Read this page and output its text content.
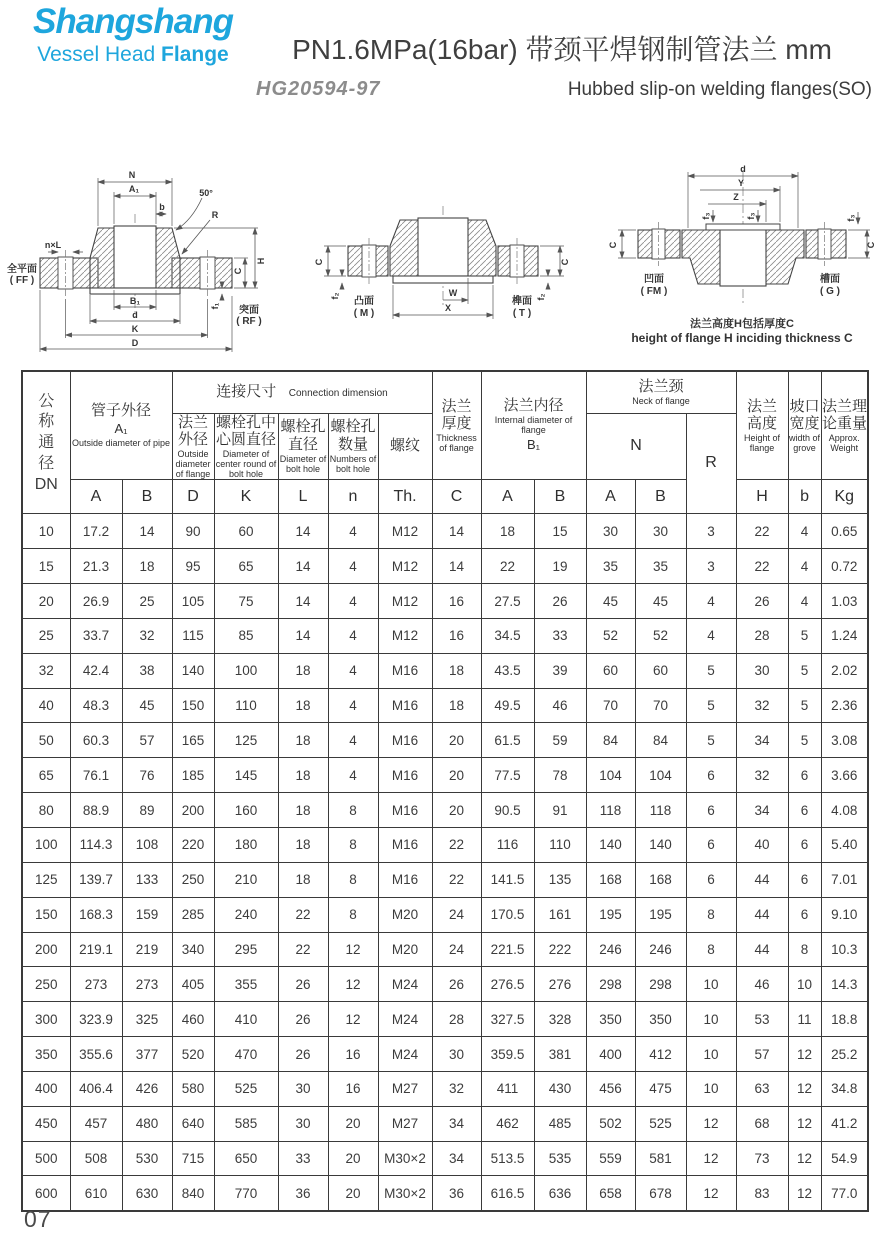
Shangshang
Vessel Head Flange	PN1.6MPa(16bar) 带颈平焊钢制管法兰 mm
HG20594-97	Hubbed slip-on welding flanges(SO)
N
A₁	50°
b
R
n×L
B₁
d
K
D
H
C
f₁
全平面
( FF )
突面
( RF )
C
f₂	W
X
C
f₂
凸面
( M )
榫面
( T )
d
Y
Z
f₃	f₃	f₃
C	C
凹面
( FM )
槽面
( G )
法兰高度H包括厚度C
height of flange H inciding thickness C
公称通径
DN	管子外径
A₁
Outside diameter of pipe		连接尺寸 Connection dimension					法兰厚度
Thickness of flange	法兰内径
Internal diameter of flange
B₁		法兰颈
Neck of flange			法兰高度
Height of flange	坡口宽度
width of grove	法兰理论重量
Approx. Weight

			法兰外径
Outside diameter of flange	螺栓孔中心圆直径
Diameter of center round of bolt hole	螺栓孔直径
Diameter of bolt hole	螺栓孔数量
Numbers of bolt hole	螺纹				N		R			
	A	B	D	K	L	n	Th.	C	A	B	A	B		H	b	Kg
10	17.2	14	90	60	14	4	M12	14	18	15	30	30	3	22	4	0.65
15	21.3	18	95	65	14	4	M12	14	22	19	35	35	3	22	4	0.72
20	26.9	25	105	75	14	4	M12	16	27.5	26	45	45	4	26	4	1.03
25	33.7	32	115	85	14	4	M12	16	34.5	33	52	52	4	28	5	1.24
32	42.4	38	140	100	18	4	M16	18	43.5	39	60	60	5	30	5	2.02
40	48.3	45	150	110	18	4	M16	18	49.5	46	70	70	5	32	5	2.36
50	60.3	57	165	125	18	4	M16	20	61.5	59	84	84	5	34	5	3.08
65	76.1	76	185	145	18	4	M16	20	77.5	78	104	104	6	32	6	3.66
80	88.9	89	200	160	18	8	M16	20	90.5	91	118	118	6	34	6	4.08
100	114.3	108	220	180	18	8	M16	22	116	110	140	140	6	40	6	5.40
125	139.7	133	250	210	18	8	M16	22	141.5	135	168	168	6	44	6	7.01
150	168.3	159	285	240	22	8	M20	24	170.5	161	195	195	8	44	6	9.10
200	219.1	219	340	295	22	12	M20	24	221.5	222	246	246	8	44	8	10.3
250	273	273	405	355	26	12	M24	26	276.5	276	298	298	10	46	10	14.3
300	323.9	325	460	410	26	12	M24	28	327.5	328	350	350	10	53	11	18.8
350	355.6	377	520	470	26	16	M24	30	359.5	381	400	412	10	57	12	25.2
400	406.4	426	580	525	30	16	M27	32	411	430	456	475	10	63	12	34.8
450	457	480	640	585	30	20	M27	34	462	485	502	525	12	68	12	41.2
500	508	530	715	650	33	20	M30×2	34	513.5	535	559	581	12	73	12	54.9
600	610	630	840	770	36	20	M30×2	36	616.5	636	658	678	12	83	12	77.0
07
